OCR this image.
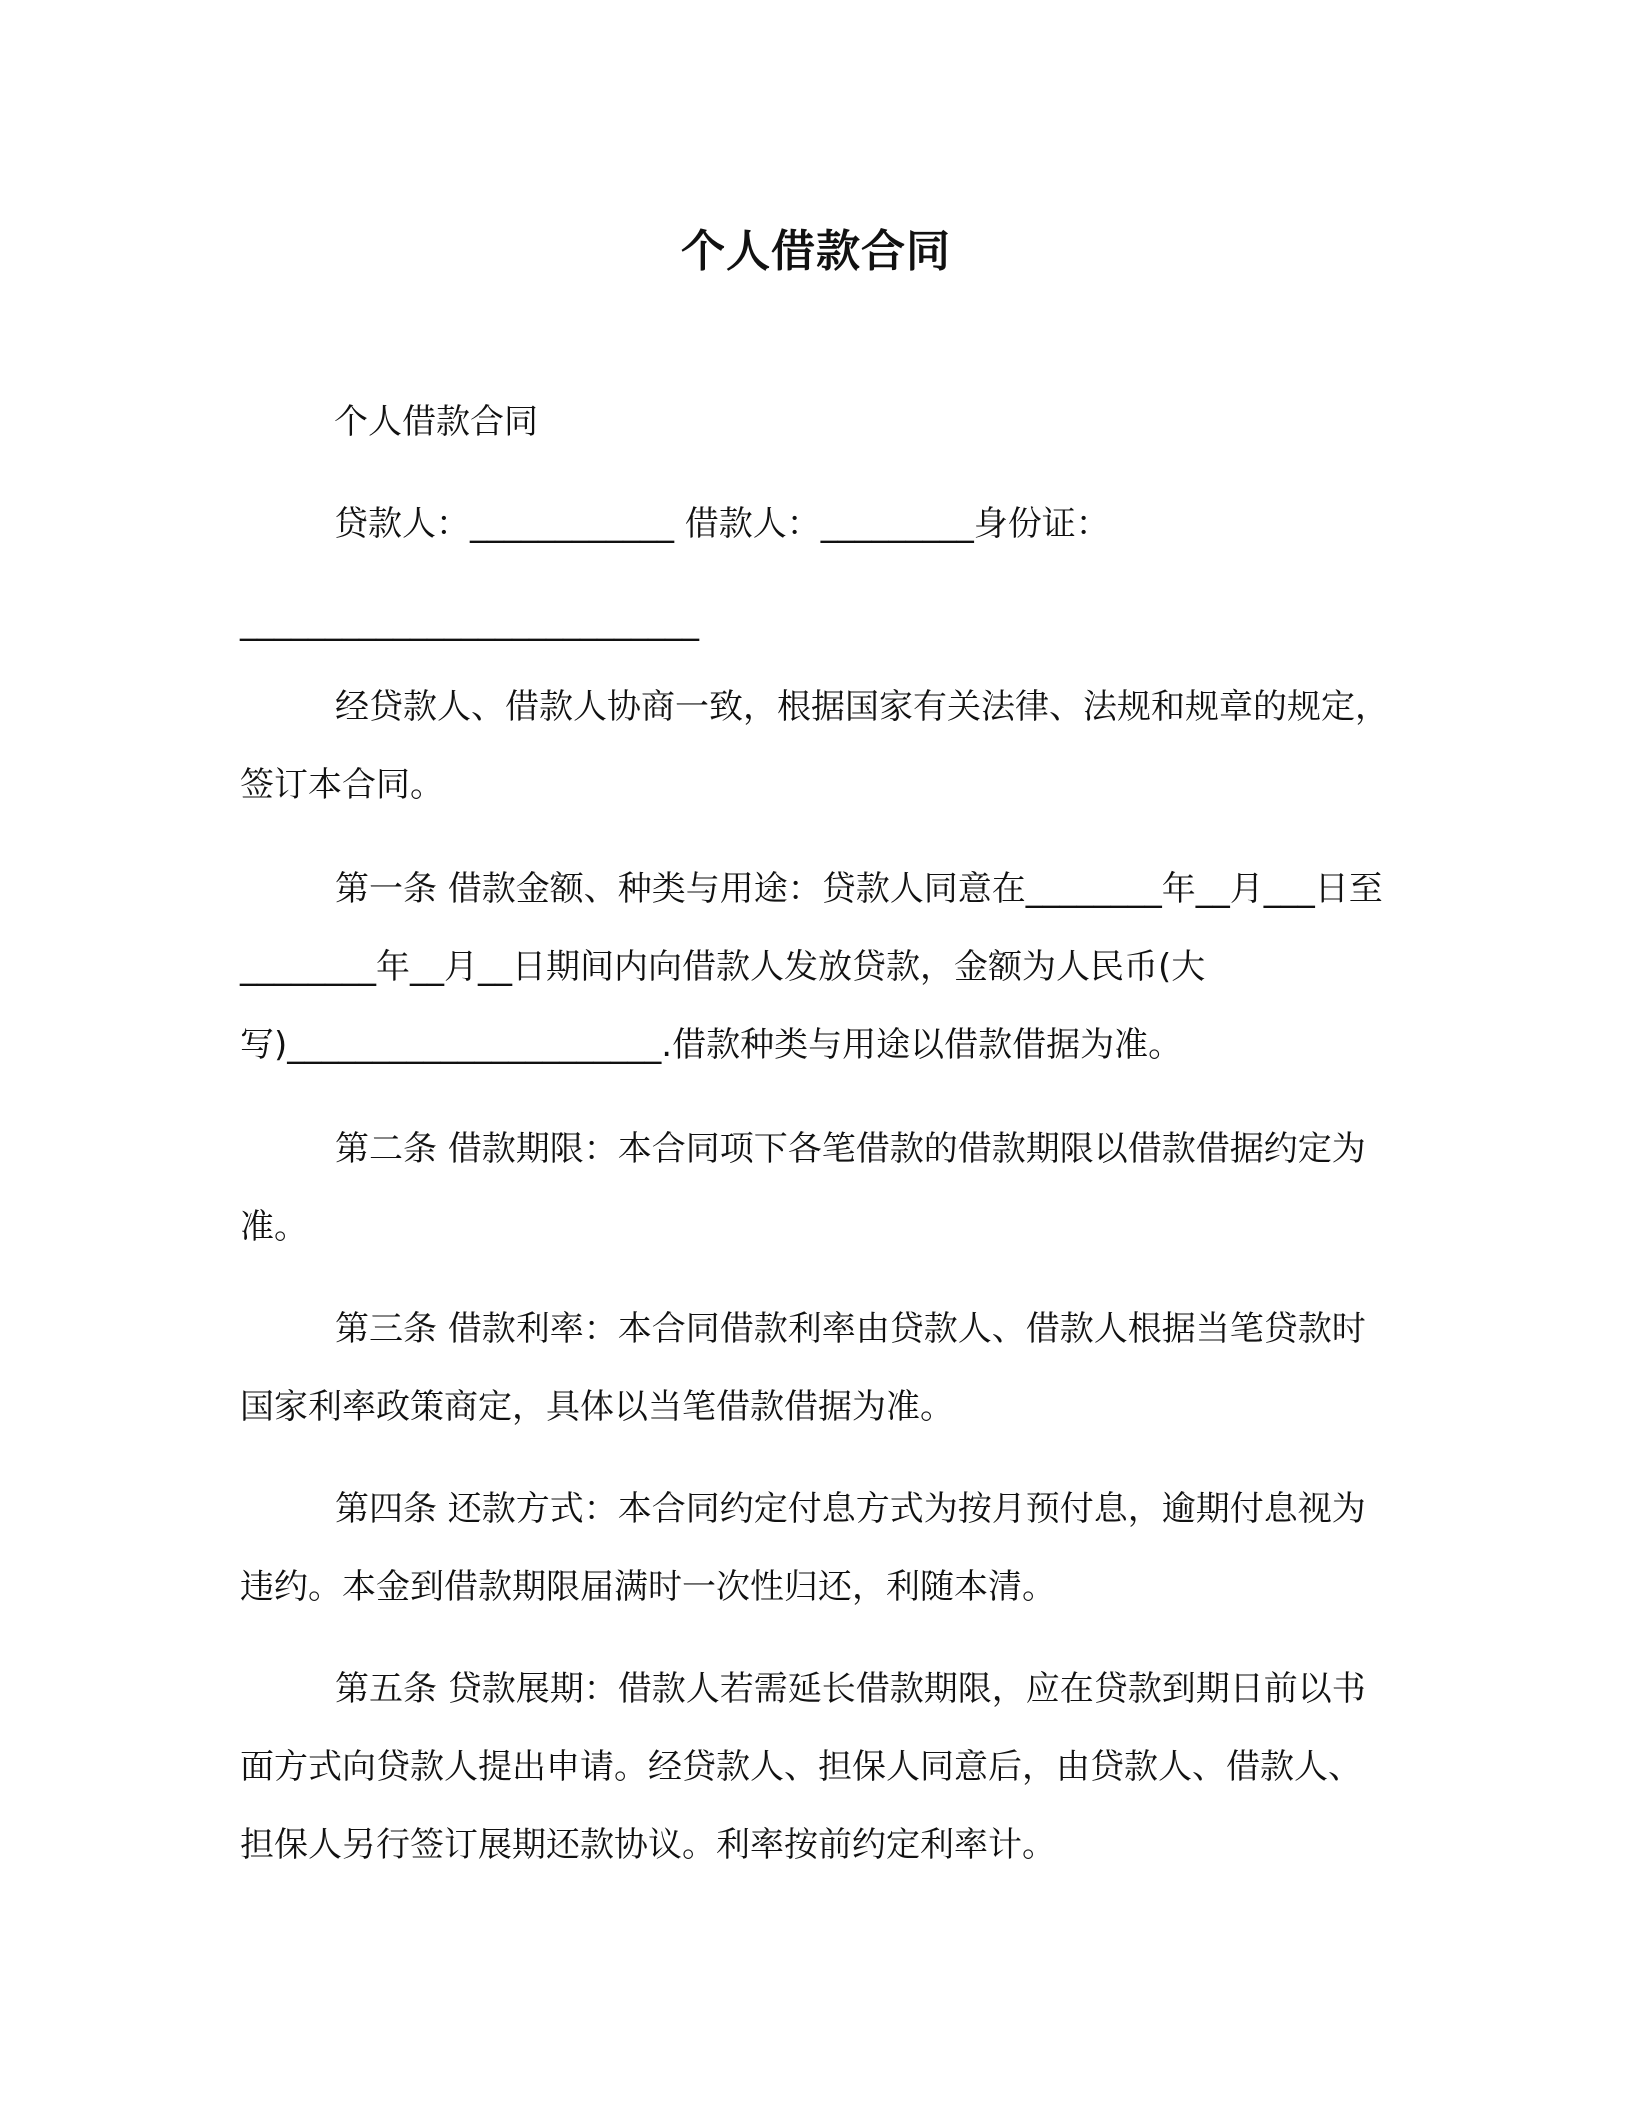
个人借款合同
个人借款合同
贷款人：____________ 借款人：_________身份证：
___________________________

经贷款人、借款人协商一致，根据国家有关法律、法规和规章的规定，签订本合同。

第一条 借款金额、种类与用途：贷款人同意在________年__月___日至________年__月__日期间内向借款人发放贷款，金额为人民币(大写)______________________.借款种类与用途以借款借据为准。

第二条 借款期限：本合同项下各笔借款的借款期限以借款借据约定为准。

第三条 借款利率：本合同借款利率由贷款人、借款人根据当笔贷款时国家利率政策商定，具体以当笔借款借据为准。

第四条 还款方式：本合同约定付息方式为按月预付息，逾期付息视为违约。本金到借款期限届满时一次性归还，利随本清。

第五条 贷款展期：借款人若需延长借款期限，应在贷款到期日前以书面方式向贷款人提出申请。经贷款人、担保人同意后，由贷款人、借款人、担保人另行签订展期还款协议。利率按前约定利率计。
